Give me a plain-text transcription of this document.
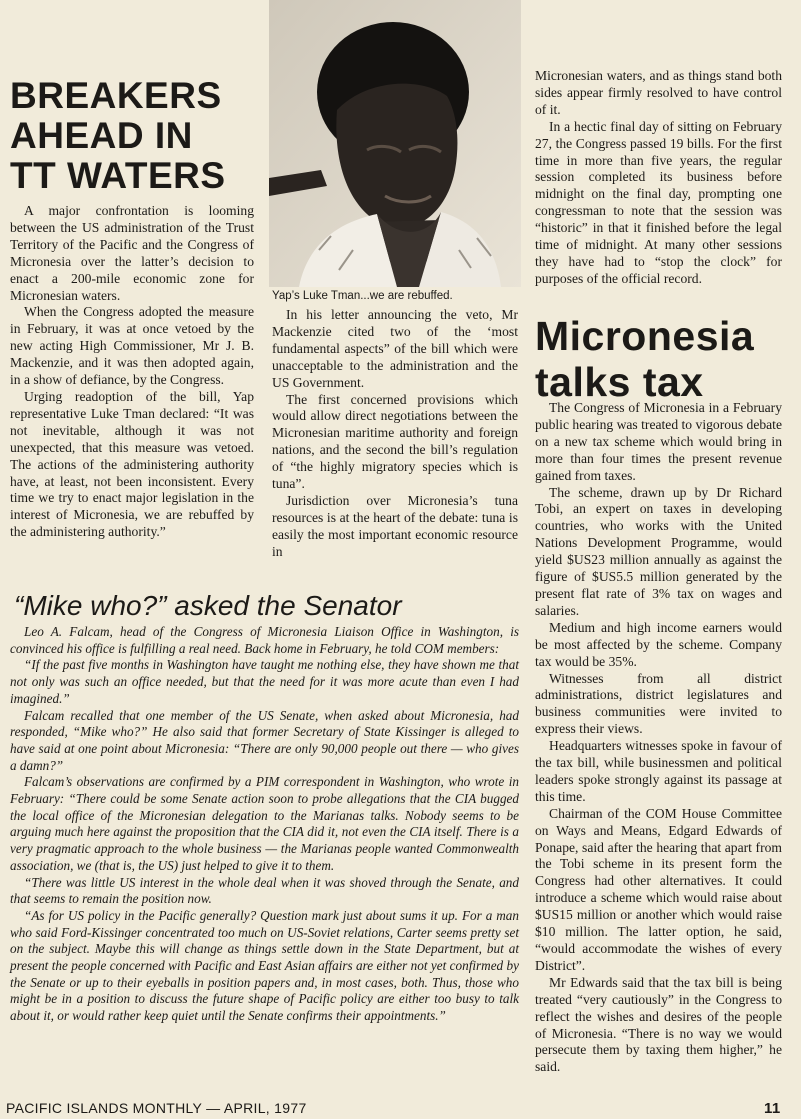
BREAKERS
AHEAD IN
TT WATERS

A major confrontation is looming between the US administration of the Trust Territory of the Pacific and the Congress of Micronesia over the latter’s decision to enact a 200-mile economic zone for Micronesian waters.

When the Congress adopted the measure in February, it was at once vetoed by the new acting High Commissioner, Mr J. B. Mackenzie, and it was then adopted again, in a show of defiance, by the Congress.

Urging readoption of the bill, Yap representative Luke Tman declared: “It was not inevitable, although it was not unexpected, that this measure was vetoed. The actions of the administering authority have, at least, not been inconsistent. Every time we try to enact major legislation in the interest of Micronesia, we are rebuffed by the administering authority.”

Yap’s Luke Tman...we are rebuffed.

In his letter announcing the veto, Mr Mackenzie cited two of the ‘most fundamental aspects” of the bill which were unacceptable to the administration and the US Government.

The first concerned provisions which would allow direct negotiations between the Micronesian maritime authority and foreign nations, and the second the bill’s regulation of “the highly migratory species which is tuna”.

Jurisdiction over Micronesia’s tuna resources is at the heart of the debate: tuna is easily the most important economic resource in

Micronesian waters, and as things stand both sides appear firmly resolved to have control of it.

In a hectic final day of sitting on February 27, the Congress passed 19 bills. For the first time in more than five years, the regular session completed its business before midnight on the final day, prompting one congressman to note that the session was “historic” in that it finished before the legal time of midnight. At many other sessions they have had to “stop the clock” for purposes of the official record.

Micronesia
talks tax

The Congress of Micronesia in a February public hearing was treated to vigorous debate on a new tax scheme which would bring in more than four times the present revenue gained from taxes.

The scheme, drawn up by Dr Richard Tobi, an expert on taxes in developing countries, who works with the United Nations Development Programme, would yield $US23 million annually as against the figure of $US5.5 million generated by the present flat rate of 3% tax on wages and salaries.

Medium and high income earners would be most affected by the scheme. Company tax would be 35%.

Witnesses from all district administrations, district legislatures and business communities were invited to express their views.

Headquarters witnesses spoke in favour of the tax bill, while businessmen and political leaders spoke strongly against its passage at this time.

Chairman of the COM House Committee on Ways and Means, Edgard Edwards of Ponape, said after the hearing that apart from the Tobi scheme in its present form the Congress had other alternatives. It could introduce a scheme which would raise about $US15 million or another which would raise $10 million. The latter option, he said, “would accommodate the wishes of every District”.

Mr Edwards said that the tax bill is being treated “very cautiously” in the Congress to reflect the wishes and desires of the people of Micronesia. “There is no way we would persecute them by taxing them higher,” he said.

“Mike who?” asked the Senator

Leo A. Falcam, head of the Congress of Micronesia Liaison Office in Washington, is convinced his office is fulfilling a real need. Back home in February, he told COM members:

“If the past five months in Washington have taught me nothing else, they have shown me that not only was such an office needed, but that the need for it was more acute than even I had imagined.”

Falcam recalled that one member of the US Senate, when asked about Micronesia, had responded, “Mike who?” He also said that former Secretary of State Kissinger is alleged to have said at one point about Micronesia: “There are only 90,000 people out there — who gives a damn?”

Falcam’s observations are confirmed by a PIM correspondent in Washington, who wrote in February: “There could be some Senate action soon to probe allegations that the CIA bugged the local office of the Micronesian delegation to the Marianas talks. Nobody seems to be arguing much here against the proposition that the CIA did it, not even the CIA itself. There is a very pragmatic approach to the whole business — the Marianas people wanted Commonwealth association, we (that is, the US) just helped to give it to them.

“There was little US interest in the whole deal when it was shoved through the Senate, and that seems to remain the position now.

“As for US policy in the Pacific generally? Question mark just about sums it up. For a man who said Ford-Kissinger concentrated too much on US-Soviet relations, Carter seems pretty set on the subject. Maybe this will change as things settle down in the State Department, but at present the people concerned with Pacific and East Asian affairs are either not yet confirmed by the Senate or up to their eyeballs in position papers and, in most cases, both. Thus, those who might be in a position to discuss the future shape of Pacific policy are either too busy to talk about it, or would rather keep quiet until the Senate confirms their appointments.”

PACIFIC ISLANDS MONTHLY — APRIL, 1977	11
